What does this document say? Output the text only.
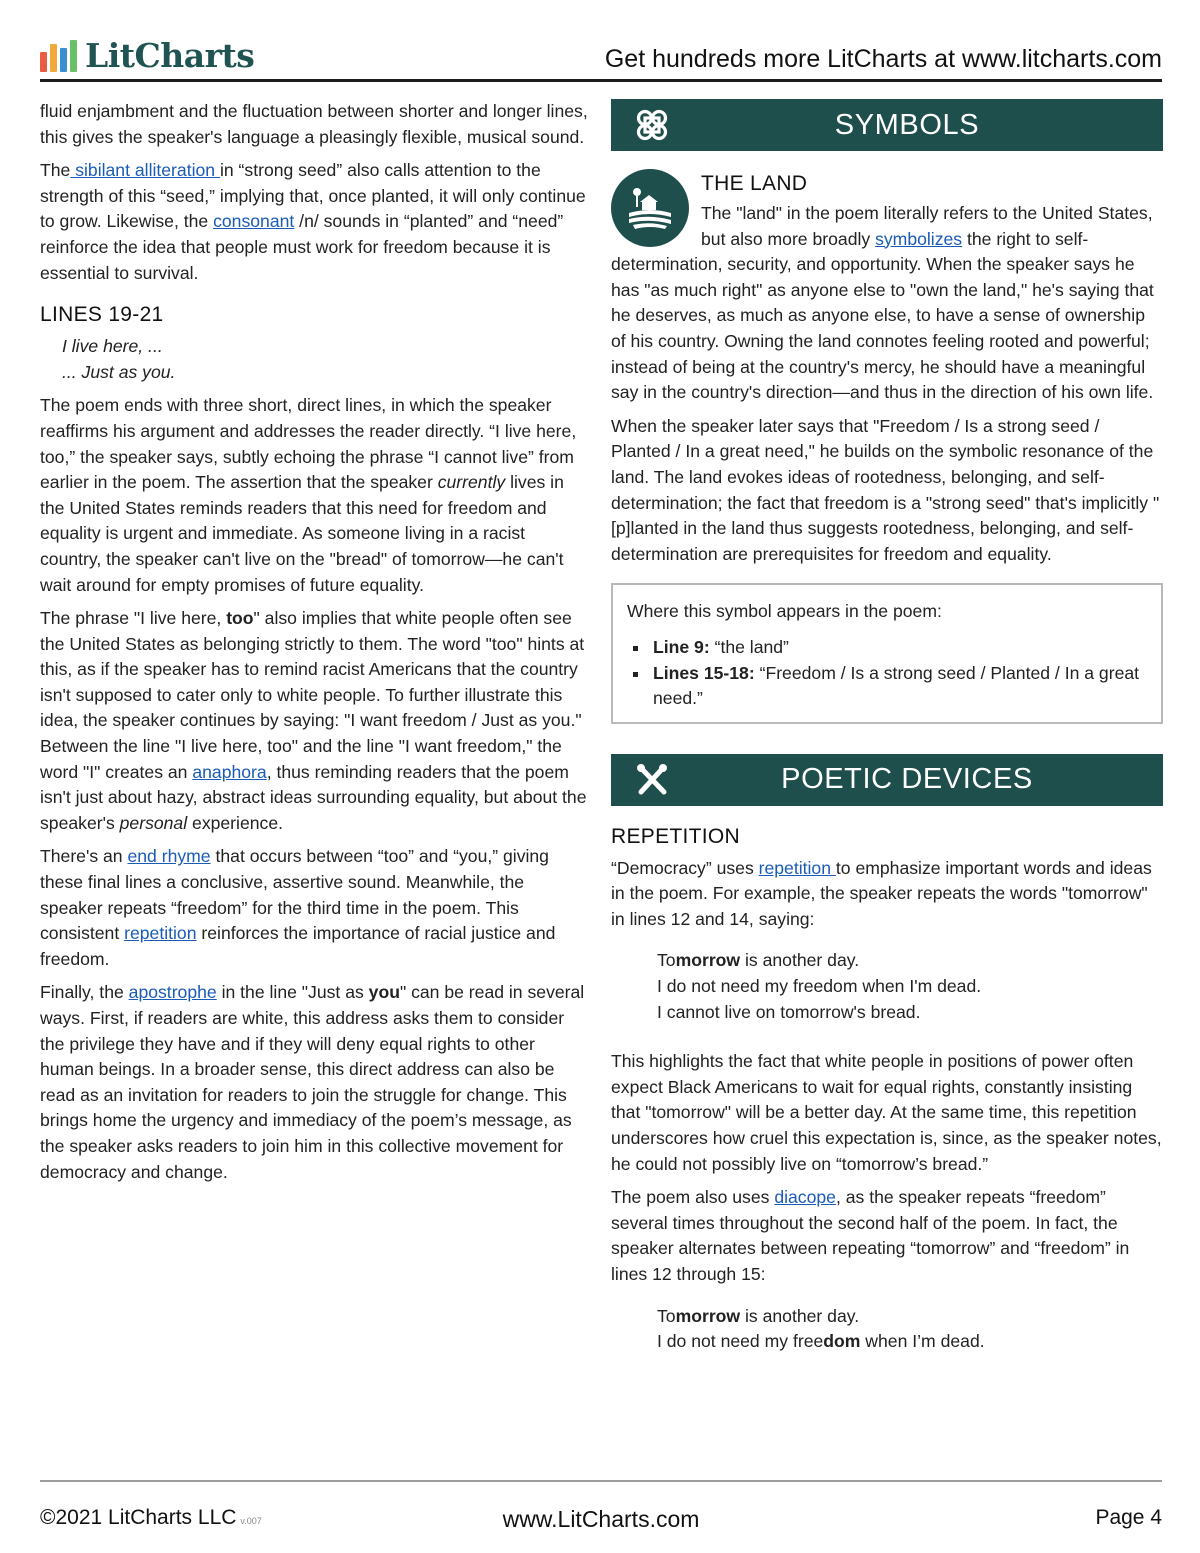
LitCharts	Get hundreds more LitCharts at www.litcharts.com

fluid enjambment and the fluctuation between shorter and longer lines, this gives the speaker's language a pleasingly flexible, musical sound.

The sibilant alliteration in “strong seed” also calls attention to the strength of this “seed,” implying that, once planted, it will only continue to grow. Likewise, the consonant /n/ sounds in “planted” and “need” reinforce the idea that people must work for freedom because it is essential to survival.

LINES 19-21
I live here, ...
... Just as you.

The poem ends with three short, direct lines, in which the speaker reaffirms his argument and addresses the reader directly. “I live here, too,” the speaker says, subtly echoing the phrase “I cannot live” from earlier in the poem. The assertion that the speaker currently lives in the United States reminds readers that this need for freedom and equality is urgent and immediate. As someone living in a racist country, the speaker can't live on the "bread" of tomorrow—he can't wait around for empty promises of future equality.

The phrase "I live here, too" also implies that white people often see the United States as belonging strictly to them. The word "too" hints at this, as if the speaker has to remind racist Americans that the country isn't supposed to cater only to white people. To further illustrate this idea, the speaker continues by saying: "I want freedom / Just as you." Between the line "I live here, too" and the line "I want freedom," the word "I" creates an anaphora, thus reminding readers that the poem isn't just about hazy, abstract ideas surrounding equality, but about the speaker's personal experience.

There's an end rhyme that occurs between “too” and “you,” giving these final lines a conclusive, assertive sound. Meanwhile, the speaker repeats “freedom” for the third time in the poem. This consistent repetition reinforces the importance of racial justice and freedom.

Finally, the apostrophe in the line "Just as you" can be read in several ways. First, if readers are white, this address asks them to consider the privilege they have and if they will deny equal rights to other human beings. In a broader sense, this direct address can also be read as an invitation for readers to join the struggle for change. This brings home the urgency and immediacy of the poem’s message, as the speaker asks readers to join him in this collective movement for democracy and change.

SYMBOLS
THE LAND

The "land" in the poem literally refers to the United States, but also more broadly symbolizes the right to self-determination, security, and opportunity. When the speaker says he has "as much right" as anyone else to "own the land," he's saying that he deserves, as much as anyone else, to have a sense of ownership of his country. Owning the land connotes feeling rooted and powerful; instead of being at the country's mercy, he should have a meaningful say in the country's direction—and thus in the direction of his own life.

When the speaker later says that "Freedom / Is a strong seed / Planted / In a great need," he builds on the symbolic resonance of the land. The land evokes ideas of rootedness, belonging, and self-determination; the fact that freedom is a "strong seed" that's implicitly "[p]lanted in the land thus suggests rootedness, belonging, and self-determination are prerequisites for freedom and equality.

Where this symbol appears in the poem:
Line 9: “the land”
Lines 15-18: “Freedom / Is a strong seed / Planted / In a great need.”
POETIC DEVICES
REPETITION

“Democracy” uses repetition to emphasize important words and ideas in the poem. For example, the speaker repeats the words "tomorrow" in lines 12 and 14, saying:

Tomorrow is another day.
I do not need my freedom when I'm dead.
I cannot live on tomorrow's bread.

This highlights the fact that white people in positions of power often expect Black Americans to wait for equal rights, constantly insisting that "tomorrow" will be a better day. At the same time, this repetition underscores how cruel this expectation is, since, as the speaker notes, he could not possibly live on “tomorrow’s bread.”

The poem also uses diacope, as the speaker repeats “freedom” several times throughout the second half of the poem. In fact, the speaker alternates between repeating “tomorrow” and “freedom” in lines 12 through 15:

Tomorrow is another day.
I do not need my freedom when I’m dead.
©2021 LitCharts LLC v.007	www.LitCharts.com	Page 4
